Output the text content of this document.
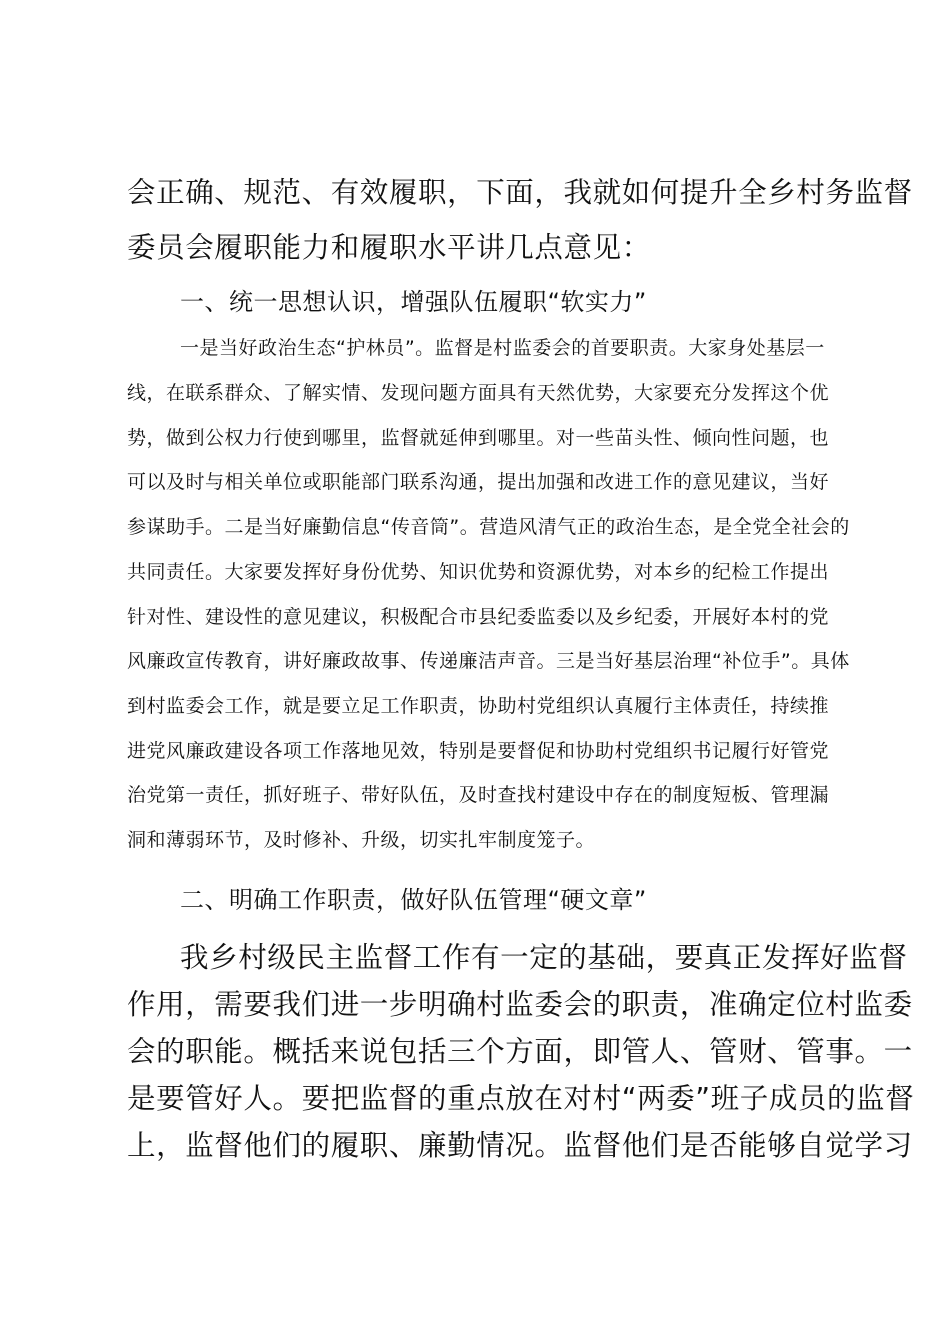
会正确、规范、有效履职，下面，我就如何提升全乡村务监督

委员会履职能力和履职水平讲几点意见：

一、统一思想认识，增强队伍履职“软实力”

一是当好政治生态“护林员”。监督是村监委会的首要职责。大家身处基层一

线，在联系群众、了解实情、发现问题方面具有天然优势，大家要充分发挥这个优

势，做到公权力行使到哪里，监督就延伸到哪里。对一些苗头性、倾向性问题，也

可以及时与相关单位或职能部门联系沟通，提出加强和改进工作的意见建议，当好

参谋助手。二是当好廉勤信息“传音筒”。营造风清气正的政治生态，是全党全社会的

共同责任。大家要发挥好身份优势、知识优势和资源优势，对本乡的纪检工作提出

针对性、建设性的意见建议，积极配合市县纪委监委以及乡纪委，开展好本村的党

风廉政宣传教育，讲好廉政故事、传递廉洁声音。三是当好基层治理“补位手”。具体

到村监委会工作，就是要立足工作职责，协助村党组织认真履行主体责任，持续推

进党风廉政建设各项工作落地见效，特别是要督促和协助村党组织书记履行好管党

治党第一责任，抓好班子、带好队伍，及时查找村建设中存在的制度短板、管理漏

洞和薄弱环节，及时修补、升级，切实扎牢制度笼子。

二、明确工作职责，做好队伍管理“硬文章”

我乡村级民主监督工作有一定的基础，要真正发挥好监督

作用，需要我们进一步明确村监委会的职责，准确定位村监委

会的职能。概括来说包括三个方面，即管人、管财、管事。一

是要管好人。要把监督的重点放在对村“两委”班子成员的监督

上，监督他们的履职、廉勤情况。监督他们是否能够自觉学习
